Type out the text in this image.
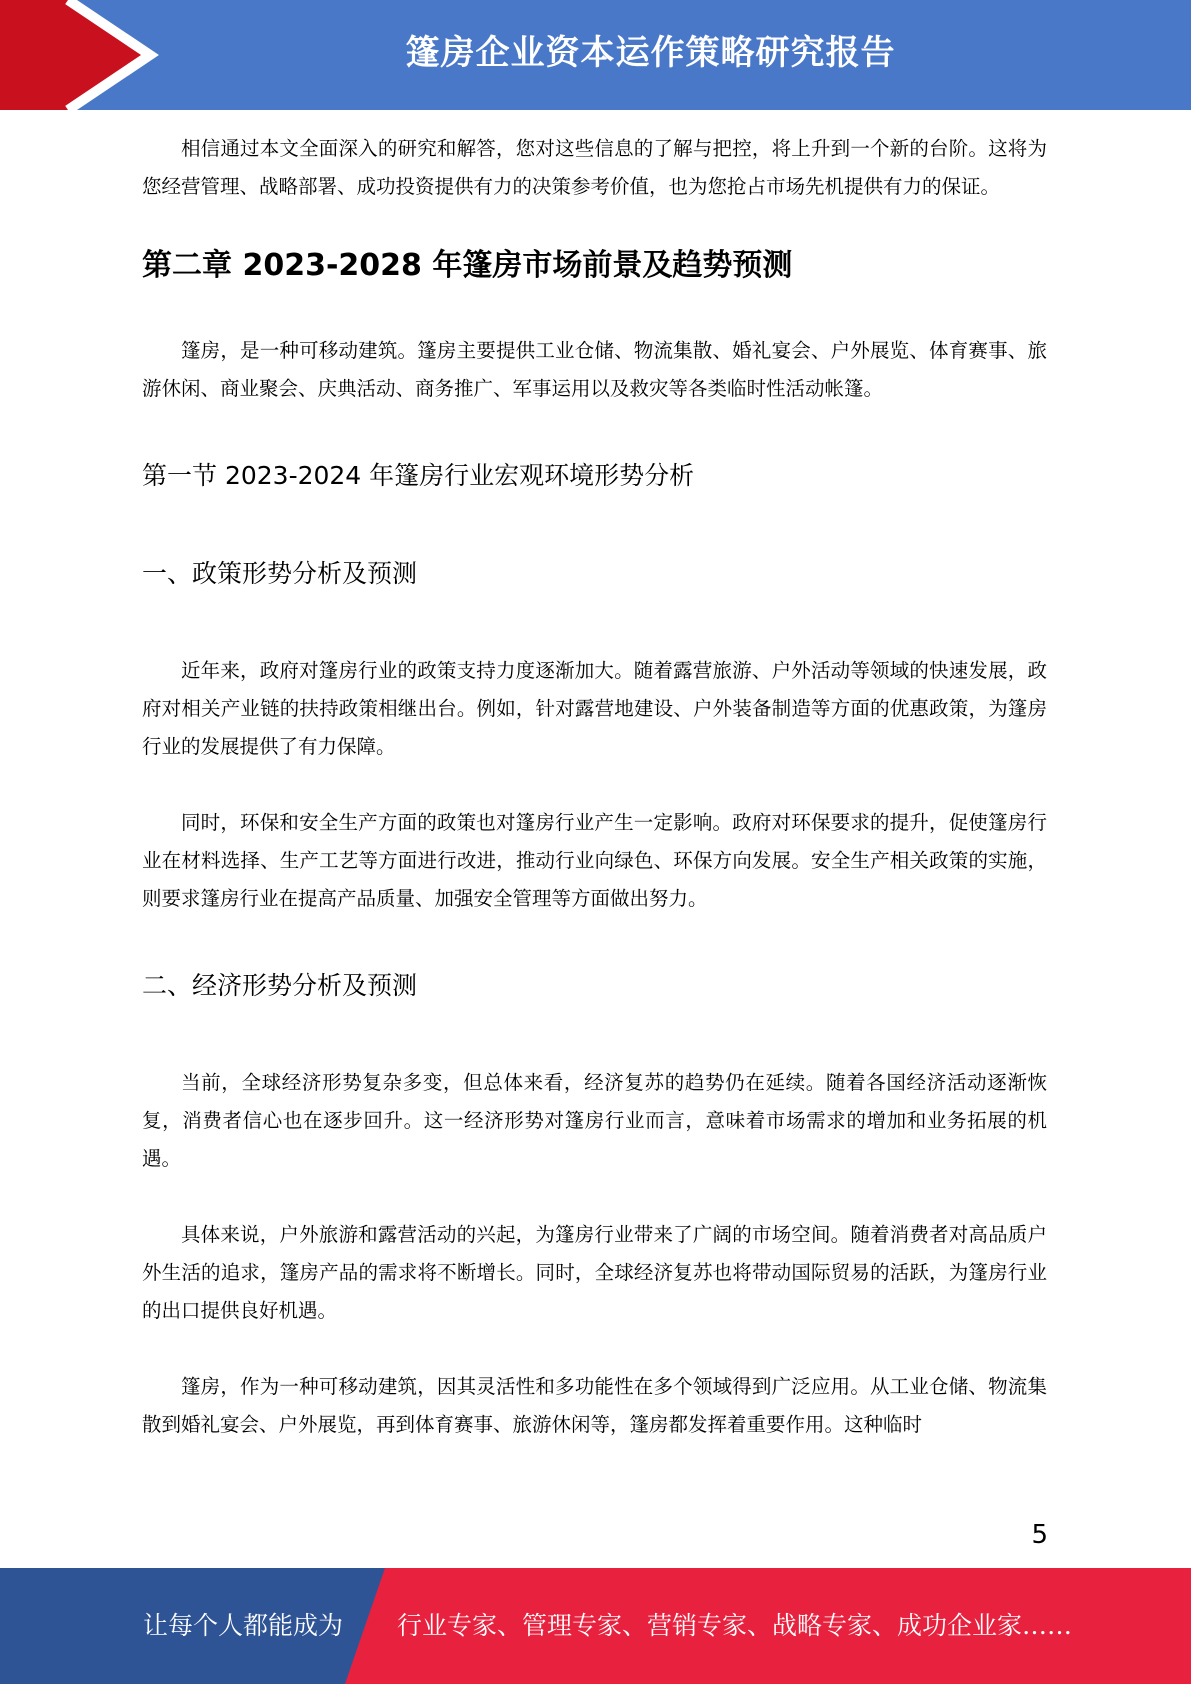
篷房企业资本运作策略研究报告

相信通过本文全面深入的研究和解答，您对这些信息的了解与把控，将上升到一个新的台阶。这将为您经营管理、战略部署、成功投资提供有力的决策参考价值，也为您抢占市场先机提供有力的保证。

第二章 2023-2028 年篷房市场前景及趋势预测

篷房，是一种可移动建筑。篷房主要提供工业仓储、物流集散、婚礼宴会、户外展览、体育赛事、旅游休闲、商业聚会、庆典活动、商务推广、军事运用以及救灾等各类临时性活动帐篷。

第一节 2023-2024 年篷房行业宏观环境形势分析
一、政策形势分析及预测

近年来，政府对篷房行业的政策支持力度逐渐加大。随着露营旅游、户外活动等领域的快速发展，政府对相关产业链的扶持政策相继出台。例如，针对露营地建设、户外装备制造等方面的优惠政策，为篷房行业的发展提供了有力保障。

同时，环保和安全生产方面的政策也对篷房行业产生一定影响。政府对环保要求的提升，促使篷房行业在材料选择、生产工艺等方面进行改进，推动行业向绿色、环保方向发展。安全生产相关政策的实施，则要求篷房行业在提高产品质量、加强安全管理等方面做出努力。

二、经济形势分析及预测

当前，全球经济形势复杂多变，但总体来看，经济复苏的趋势仍在延续。随着各国经济活动逐渐恢复，消费者信心也在逐步回升。这一经济形势对篷房行业而言，意味着市场需求的增加和业务拓展的机遇。

具体来说，户外旅游和露营活动的兴起，为篷房行业带来了广阔的市场空间。随着消费者对高品质户外生活的追求，篷房产品的需求将不断增长。同时，全球经济复苏也将带动国际贸易的活跃，为篷房行业的出口提供良好机遇。

篷房，作为一种可移动建筑，因其灵活性和多功能性在多个领域得到广泛应用。从工业仓储、物流集散到婚礼宴会、户外展览，再到体育赛事、旅游休闲等，篷房都发挥着重要作用。这种临时

5
让每个人都能成为 行业专家、管理专家、营销专家、战略专家、成功企业家……
